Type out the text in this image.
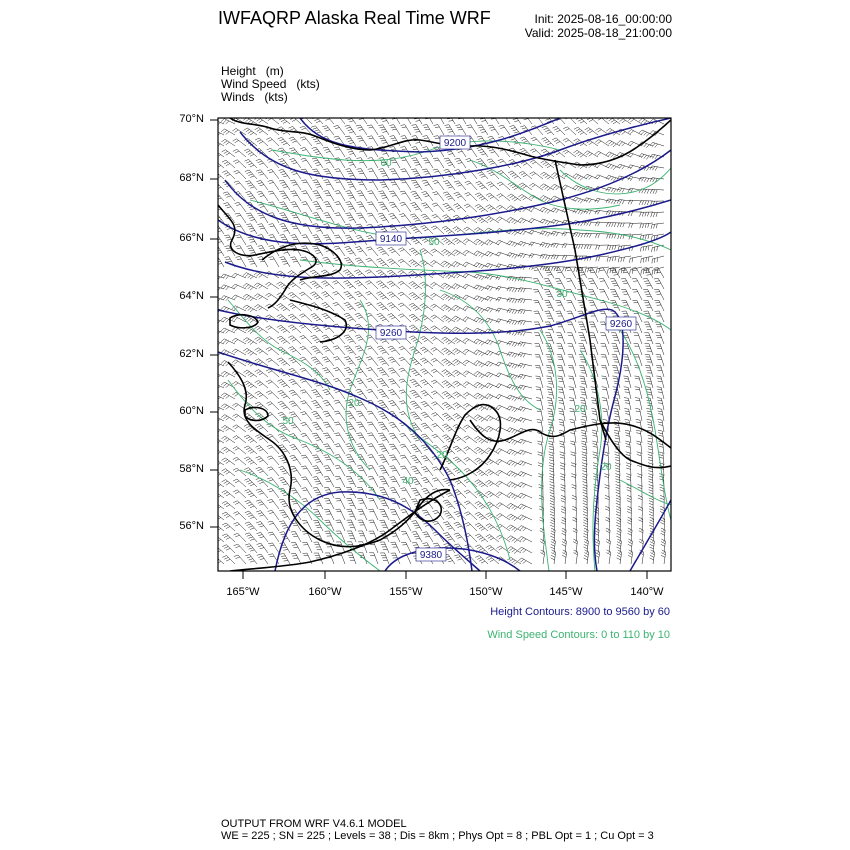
IWFAQRP Alaska Real Time WRF	Init: 2025-08-16_00:00:00
Valid: 2025-08-18_21:00:00
Height (m)
Wind Speed (kts)
Winds (kts)
9200
9140
9260
9260
9380
60
50
30
20
20
50
20
20
40
70°N
68°N
66°N
64°N
62°N
60°N
58°N
56°N
165°W	160°W	155°W	150°W	145°W	140°W
Height Contours: 8900 to 9560 by 60
Wind Speed Contours: 0 to 110 by 10
OUTPUT FROM WRF V4.6.1 MODEL
WE = 225 ; SN = 225 ; Levels = 38 ; Dis = 8km ; Phys Opt = 8 ; PBL Opt = 1 ; Cu Opt = 3
